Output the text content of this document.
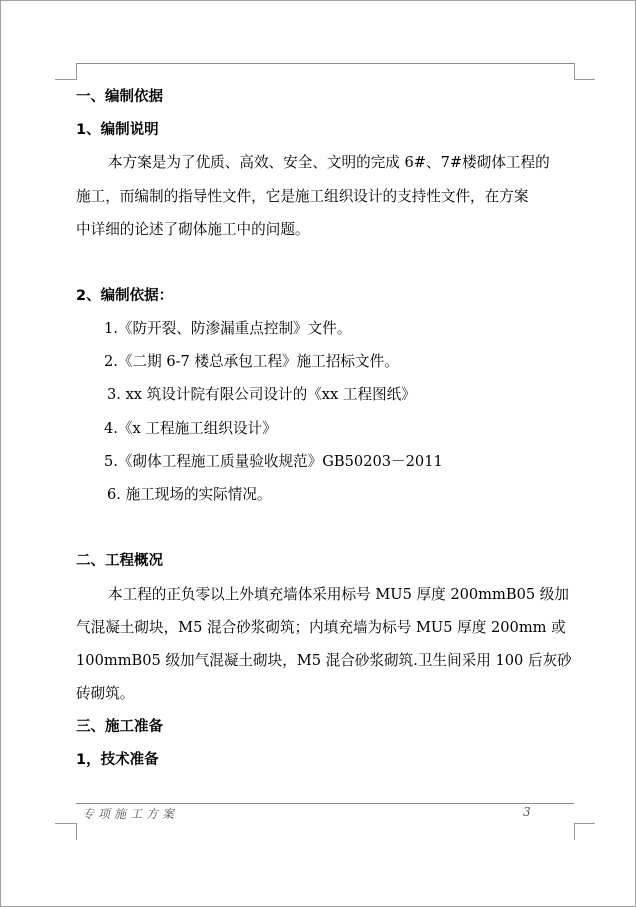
一、编制依据
1、编制说明
本方案是为了优质、高效、安全、文明的完成 6#、7#楼砌体工程的
施工，而编制的指导性文件，它是施工组织设计的支持性文件，在方案
中详细的论述了砌体施工中的问题。
2、编制依据：
1.《防开裂、防渗漏重点控制》文件。
2.《二期 6-7 楼总承包工程》施工招标文件。
3. xx 筑设计院有限公司设计的《xx 工程图纸》
4.《x 工程施工组织设计》
5.《砌体工程施工质量验收规范》GB50203－2011
6. 施工现场的实际情况。
二、工程概况
本工程的正负零以上外填充墙体采用标号 MU5 厚度 200mmB05 级加
气混凝土砌块，M5 混合砂浆砌筑；内填充墙为标号 MU5 厚度 200mm 或
100mmB05 级加气混凝土砌块，M5 混合砂浆砌筑.卫生间采用 100 后灰砂
砖砌筑。
三、施工准备
1，技术准备
专项施工方案	3
